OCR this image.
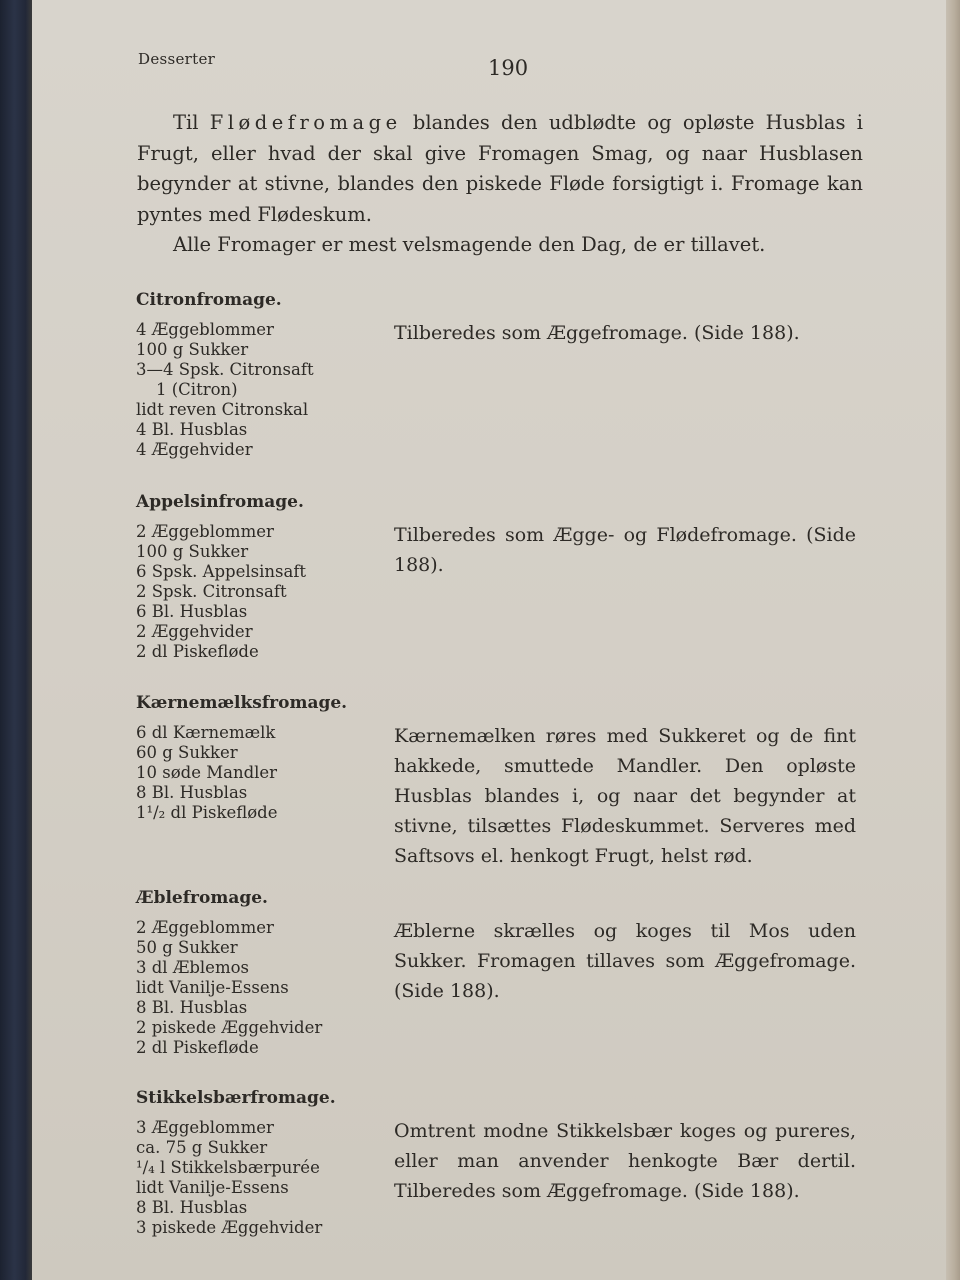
Desserter	190

Til Flødefromage blandes den udblødte og opløste Husblas i Frugt, eller hvad der skal give Fromagen Smag, og naar Husblasen begynder at stivne, blandes den piskede Fløde forsigtigt i. Fromage kan pyntes med Flødeskum.

Alle Fromager er mest velsmagende den Dag, de er tillavet.

Citronfromage.
4 Æggeblommer
100 g Sukker
3—4 Spsk. Citronsaft
1 (Citron)
lidt reven Citronskal
4 Bl. Husblas
4 Æggehvider

Tilberedes som Æggefromage. (Side 188).

Appelsinfromage.
2 Æggeblommer
100 g Sukker
6 Spsk. Appelsinsaft
2 Spsk. Citronsaft
6 Bl. Husblas
2 Æggehvider
2 dl Piskefløde

Tilberedes som Ægge- og Flødefromage. (Side 188).

Kærnemælksfromage.
6 dl Kærnemælk
60 g Sukker
10 søde Mandler
8 Bl. Husblas
1¹/₂ dl Piskefløde

Kærnemælken røres med Sukkeret og de fint hakkede, smuttede Mandler. Den opløste Husblas blandes i, og naar det begynder at stivne, tilsættes Flødeskummet. Serveres med Saftsovs el. henkogt Frugt, helst rød.

Æblefromage.
2 Æggeblommer
50 g Sukker
3 dl Æblemos
lidt Vanilje-Essens
8 Bl. Husblas
2 piskede Æggehvider
2 dl Piskefløde

Æblerne skrælles og koges til Mos uden Sukker. Fromagen tillaves som Æggefromage. (Side 188).

Stikkelsbærfromage.
3 Æggeblommer
ca. 75 g Sukker
¹/₄ l Stikkelsbærpurée
lidt Vanilje-Essens
8 Bl. Husblas
3 piskede Æggehvider

Omtrent modne Stikkelsbær koges og pureres, eller man anvender henkogte Bær dertil. Tilberedes som Æggefromage. (Side 188).
